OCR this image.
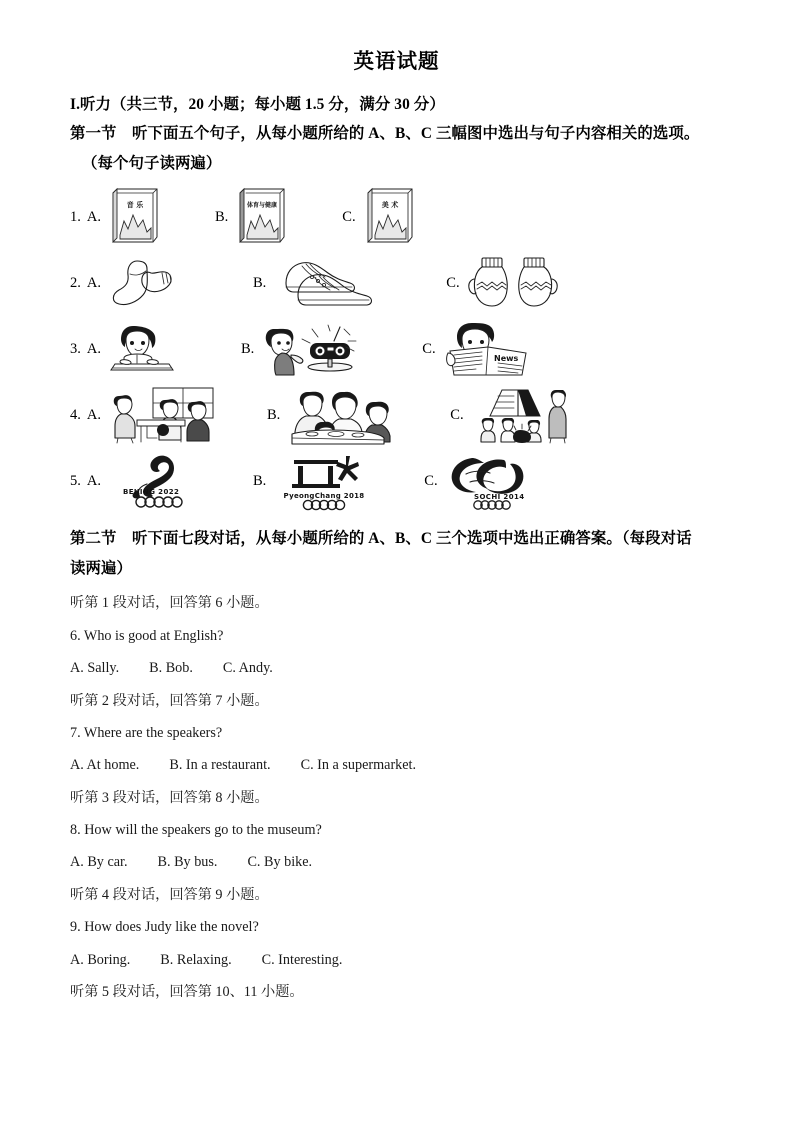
英语试题

I.听力（共三节，20 小题；每小题 1.5 分，满分 30 分）

第一节　听下面五个句子，从每小题所给的 A、B、C 三幅图中选出与句子内容相关的选项。

（每个句子读两遍）

1. A.
音 乐
B.
体育与健康
C.
美 术
2. A.	B.	C.
3. A.	B.	C.
News
4. A.	B.	C.
5. A.
BEIJING 2022
B.
PyeongChang 2018
C.
SOCHI 2014

第二节　听下面七段对话，从每小题所给的 A、B、C 三个选项中选出正确答案。（每段对话

读两遍）

听第 1 段对话，回答第 6 小题。

6. Who is good at English?

A. Sally. B. Bob. C. Andy.

听第 2 段对话，回答第 7 小题。

7. Where are the speakers?

A. At home. B. In a restaurant. C. In a supermarket.

听第 3 段对话，回答第 8 小题。

8. How will the speakers go to the museum?

A. By car. B. By bus. C. By bike.

听第 4 段对话，回答第 9 小题。

9. How does Judy like the novel?

A. Boring. B. Relaxing. C. Interesting.

听第 5 段对话，回答第 10、11 小题。
